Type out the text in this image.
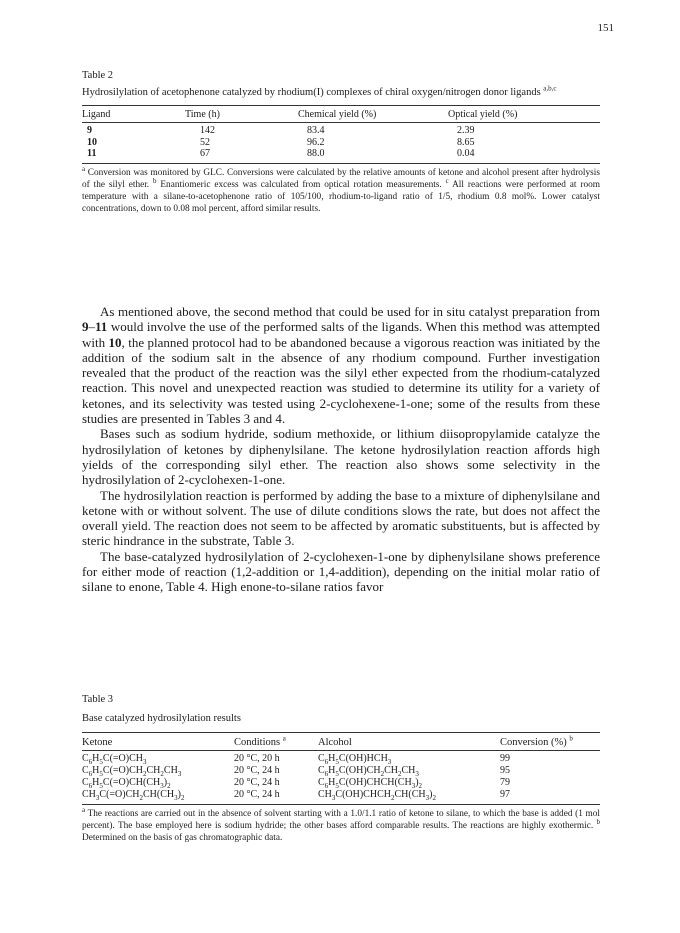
151
Table 2
Hydrosilylation of acetophenone catalyzed by rhodium(I) complexes of chiral oxygen/nitrogen donor ligands $^{a,b,c}$
Ligand	Time (h)	Chemical yield (%)	Optical yield (%)
9	142	83.4	2.39
10	52	96.2	8.65
11	67	88.0	0.04
$^a$ Conversion was monitored by GLC. Conversions were calculated by the relative amounts of ketone and alcohol present after hydrolysis of the silyl ether. $^b$ Enantiomeric excess was calculated from optical rotation measurements. $^c$ All reactions were performed at room temperature with a silane-to-acetophenone ratio of 105/100, rhodium-to-ligand ratio of 1/5, rhodium 0.8 mol%. Lower catalyst concentrations, down to 0.08 mol percent, afford similar results.

As mentioned above, the second method that could be used for in situ catalyst preparation from 9–11 would involve the use of the performed salts of the ligands. When this method was attempted with 10, the planned protocol had to be abandoned because a vigorous reaction was initiated by the addition of the sodium salt in the absence of any rhodium compound. Further investigation revealed that the product of the reaction was the silyl ether expected from the rhodium-catalyzed reaction. This novel and unexpected reaction was studied to determine its utility for a variety of ketones, and its selectivity was tested using 2-cyclohexene-1-one; some of the results from these studies are presented in Tables 3 and 4.

Bases such as sodium hydride, sodium methoxide, or lithium diisopropylamide catalyze the hydrosilylation of ketones by diphenylsilane. The ketone hydrosilylation reaction affords high yields of the corresponding silyl ether. The reaction also shows some selectivity in the hydrosilylation of 2-cyclohexen-1-one.

The hydrosilylation reaction is performed by adding the base to a mixture of diphenylsilane and ketone with or without solvent. The use of dilute conditions slows the rate, but does not affect the overall yield. The reaction does not seem to be affected by aromatic substituents, but is affected by steric hindrance in the substrate, Table 3.

The base-catalyzed hydrosilylation of 2-cyclohexen-1-one by diphenylsilane shows preference for either mode of reaction (1,2-addition or 1,4-addition), depending on the initial molar ratio of silane to enone, Table 4. High enone-to-silane ratios favor

Table 3
Base catalyzed hydrosilylation results
Ketone	Conditions $^a$	Alcohol	Conversion (%) $^b$
$C_6H_5C(=O)CH_3$	20 °C, 20 h	$C_6H_5C(OH)HCH_3$	99
$C_6H_5C(=O)CH_2CH_2CH_3$	20 °C, 24 h	$C_6H_5C(OH)CH_2CH_2CH_3$	95
$C_6H_5C(=O)CH(CH_3)_2$	20 °C, 24 h	$C_6H_5C(OH)CHCH(CH_3)_2$	79
$CH_3C(=O)CH_2CH(CH_3)_2$	20 °C, 24 h	$CH_3C(OH)CHCH_2CH(CH_3)_2$	97
$^a$ The reactions are carried out in the absence of solvent starting with a 1.0/1.1 ratio of ketone to silane, to which the base is added (1 mol percent). The base employed here is sodium hydride; the other bases afford comparable results. The reactions are highly exothermic. $^b$ Determined on the basis of gas chromatographic data.
